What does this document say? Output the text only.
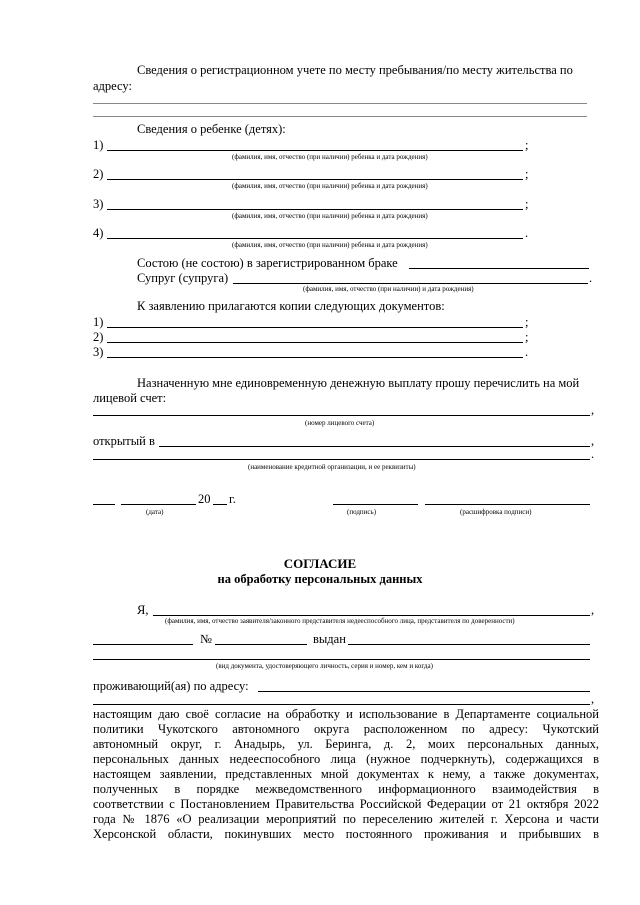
Сведения о регистрационном учете по месту пребывания/по месту жительства по
адресу:
Сведения о ребенке (детях):
1)	;
(фамилия, имя, отчество (при наличии) ребенка и дата рождения)
2)	;
(фамилия, имя, отчество (при наличии) ребенка и дата рождения)
3)	;
(фамилия, имя, отчество (при наличии) ребенка и дата рождения)
4)	.
(фамилия, имя, отчество (при наличии) ребенка и дата рождения)
Состою (не состою) в зарегистрированном браке
Супруг (супруга)	.
(фамилия, имя, отчество (при наличии) и дата рождения)
К заявлению прилагаются копии следующих документов:
1)	;
2)	;
3)	.
Назначенную мне единовременную денежную выплату прошу перечислить на мой
лицевой счет:
,
(номер лицевого счета)
открытый в	,
.
(наименование кредитной организации, и ее реквизиты)
20 г.
(дата)	(подпись)	(расшифровка подписи)
СОГЛАСИЕ
на обработку персональных данных
Я,	,
(фамилия, имя, отчество заявителя/законного представителя недееспособного лица, представителя по доверенности)
№	выдан
(вид документа, удостоверяющего личность, серия и номер, кем и когда)
проживающий(ая) по адресу:
,
настоящим даю своё согласие на обработку и использование в Департаменте социальной
политики Чукотского автономного округа расположенном по адресу: Чукотский
автономный округ, г. Анадырь, ул. Беринга, д. 2, моих персональных данных,
персональных данных недееспособного лица (нужное подчеркнуть), содержащихся в
настоящем заявлении, представленных мной документах к нему, а также документах,
полученных в порядке межведомственного информационного взаимодействия в
соответствии с Постановлением Правительства Российской Федерации от 21 октября 2022
года № 1876 «О реализации мероприятий по переселению жителей г. Херсона и части
Херсонской области, покинувших место постоянного проживания и прибывших в
